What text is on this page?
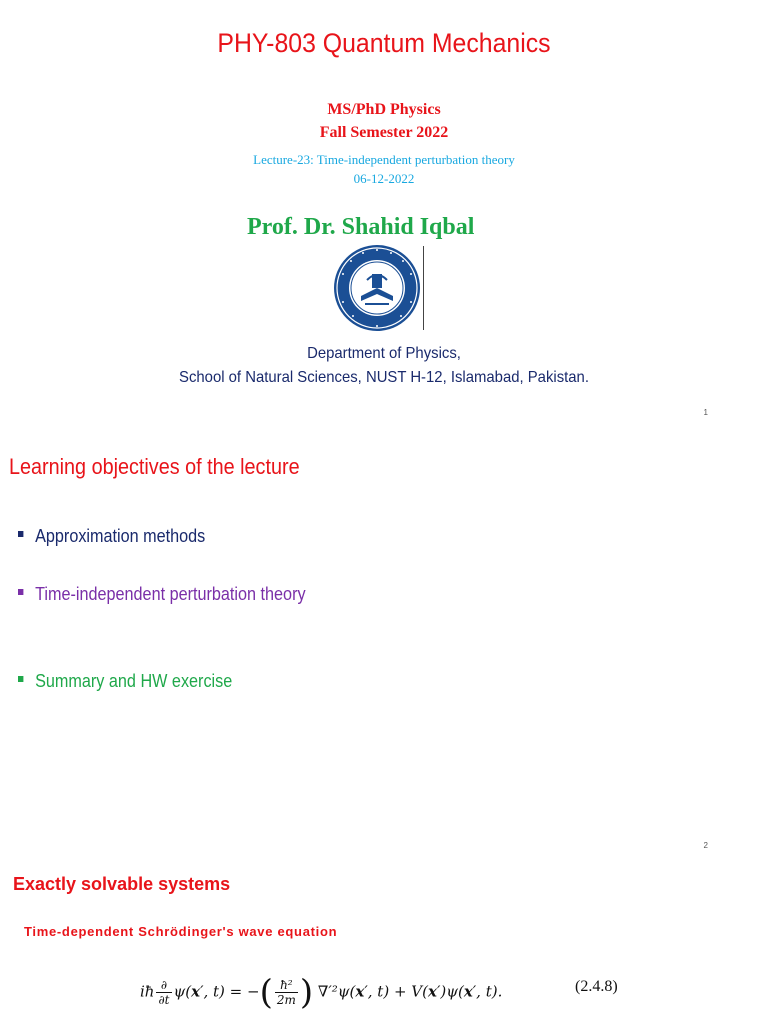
PHY-803 Quantum Mechanics
MS/PhD Physics
Fall Semester 2022
Lecture-23: Time-independent perturbation theory
06-12-2022
Prof. Dr. Shahid Iqbal
Department of Physics,
School of Natural Sciences, NUST H-12, Islamabad, Pakistan.
1
Learning objectives of the lecture
Approximation methods
Time-independent perturbation theory
Summary and HW exercise
2
Exactly solvable systems
Time-dependent Schrödinger's wave equation
iħ $\frac{\partial}{\partial t} \psi(x'$, t) = −( $\frac{\text{ħ²}}{2m}$ ) ∇′²ψ(x′, t) + V(x′)ψ(x′, t).	(2.4.8)
